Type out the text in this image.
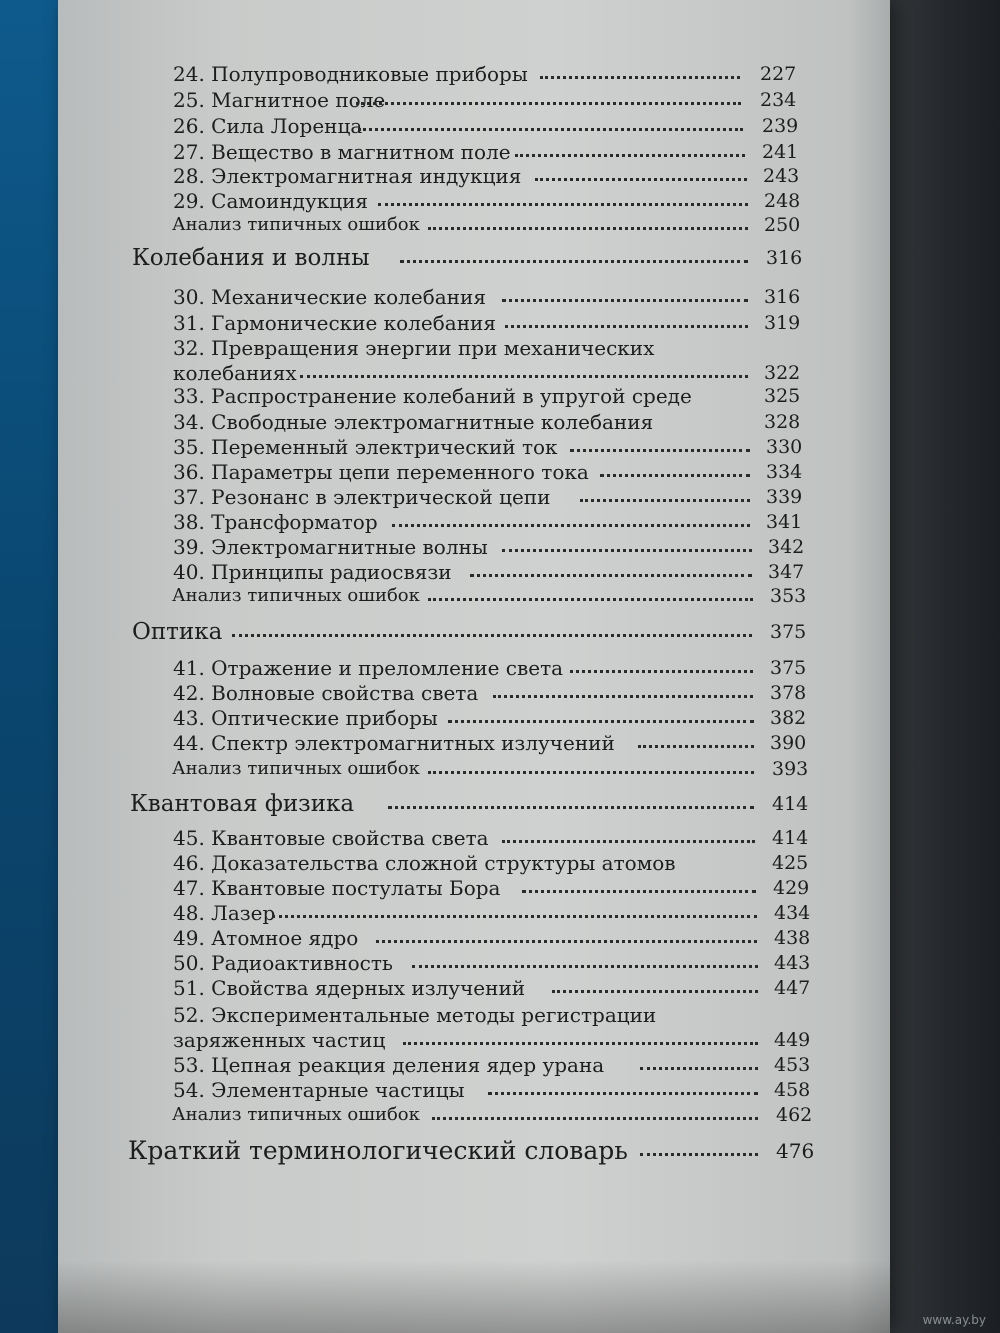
24. Полупроводниковые приборы	227
25. Магнитное поле	234
26. Сила Лоренца	239
27. Вещество в магнитном поле	241
28. Электромагнитная индукция	243
29. Самоиндукция	248
Анализ типичных ошибок	250
Колебания и волны	316
30. Механические колебания	316
31. Гармонические колебания	319
32. Превращения энергии при механических
колебаниях	322
33. Распространение колебаний в упругой среде	325
34. Свободные электромагнитные колебания	328
35. Переменный электрический ток	330
36. Параметры цепи переменного тока	334
37. Резонанс в электрической цепи	339
38. Трансформатор	341
39. Электромагнитные волны	342
40. Принципы радиосвязи	347
Анализ типичных ошибок	353
Оптика	375
41. Отражение и преломление света	375
42. Волновые свойства света	378
43. Оптические приборы	382
44. Спектр электромагнитных излучений	390
Анализ типичных ошибок	393
Квантовая физика	414
45. Квантовые свойства света	414
46. Доказательства сложной структуры атомов	425
47. Квантовые постулаты Бора	429
48. Лазер	434
49. Атомное ядро	438
50. Радиоактивность	443
51. Свойства ядерных излучений	447
52. Экспериментальные методы регистрации
заряженных частиц	449
53. Цепная реакция деления ядер урана	453
54. Элементарные частицы	458
Анализ типичных ошибок	462
Краткий терминологический словарь	476
www.ay.by
